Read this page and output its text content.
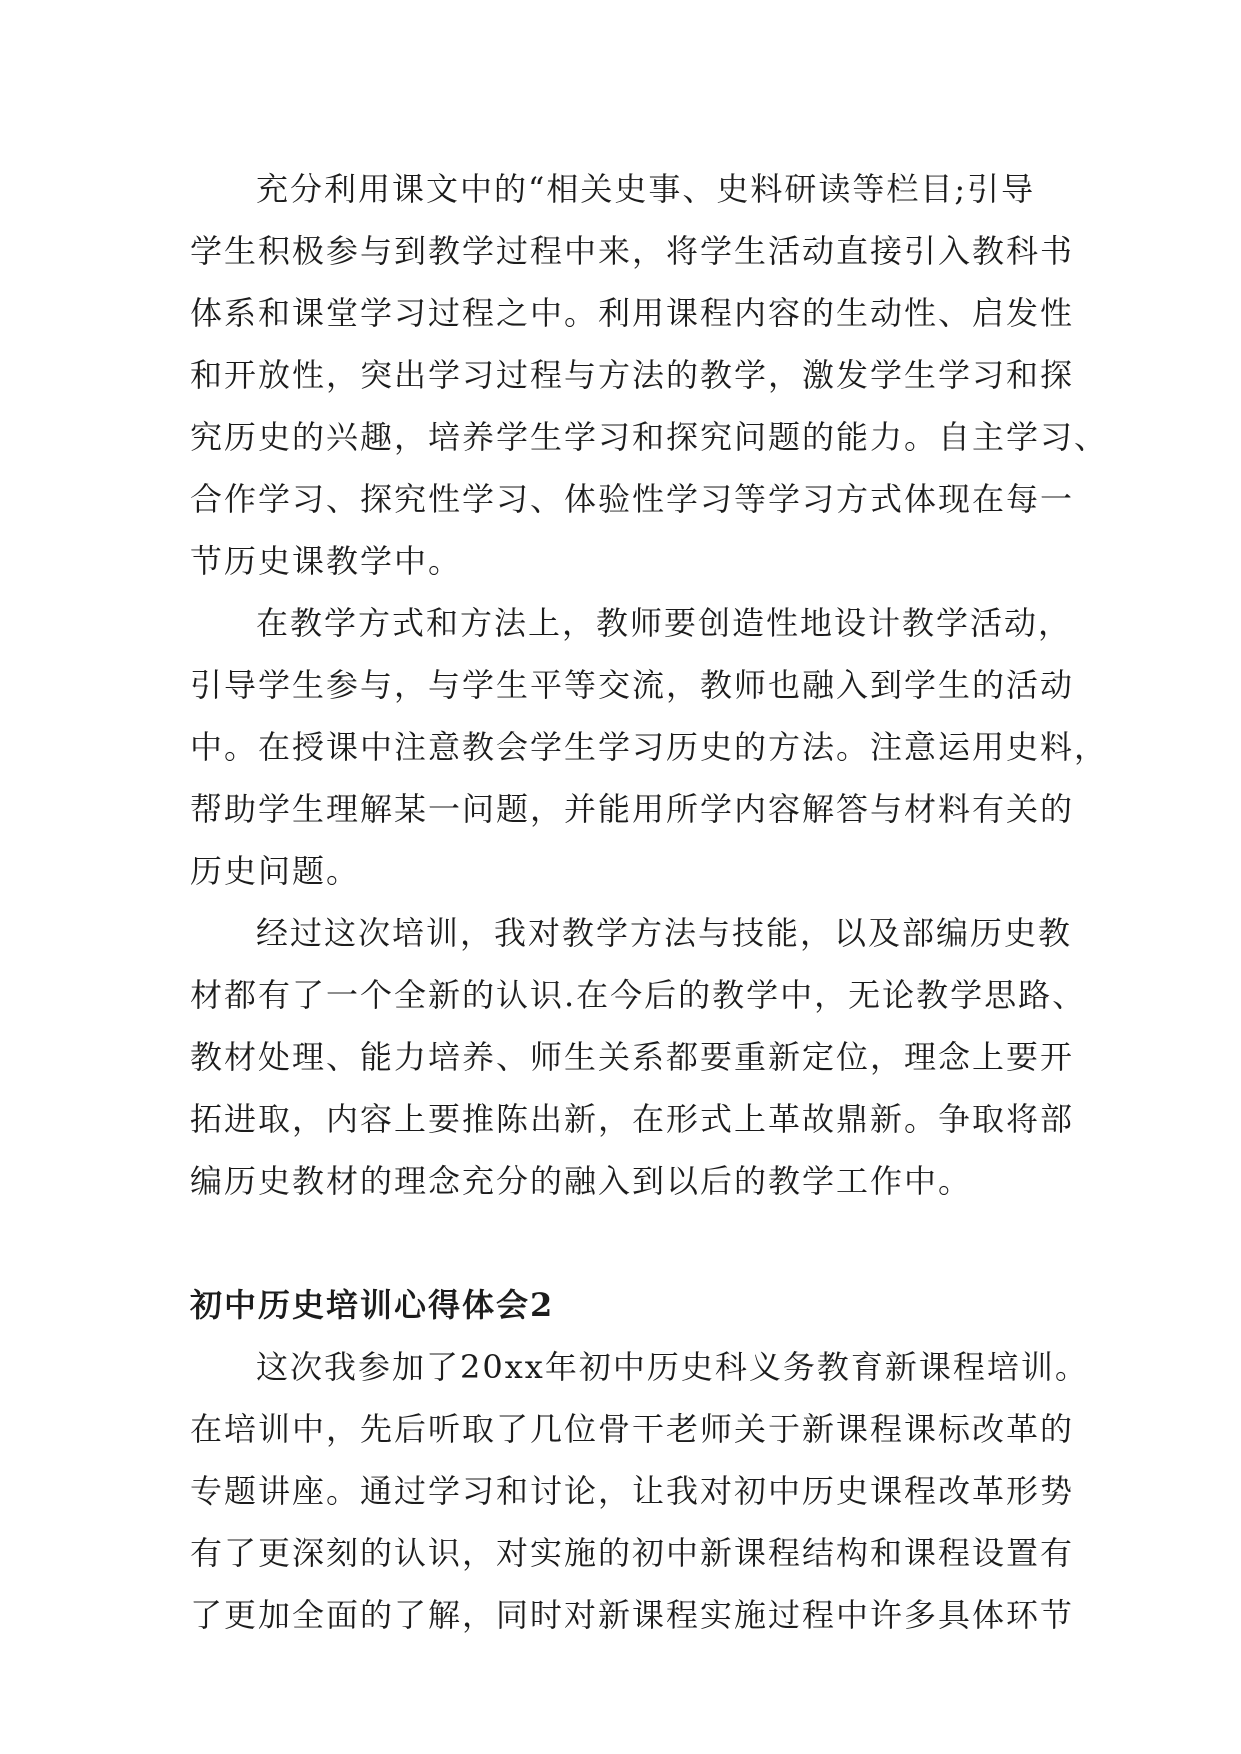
充分利用课文中的“相关史事、史料研读等栏目;引导
学生积极参与到教学过程中来，将学生活动直接引入教科书
体系和课堂学习过程之中。利用课程内容的生动性、启发性
和开放性，突出学习过程与方法的教学，激发学生学习和探
究历史的兴趣，培养学生学习和探究问题的能力。自主学习、
合作学习、探究性学习、体验性学习等学习方式体现在每一
节历史课教学中。

在教学方式和方法上，教师要创造性地设计教学活动，
引导学生参与，与学生平等交流，教师也融入到学生的活动
中。在授课中注意教会学生学习历史的方法。注意运用史料，
帮助学生理解某一问题，并能用所学内容解答与材料有关的
历史问题。

经过这次培训，我对教学方法与技能，以及部编历史教
材都有了一个全新的认识.在今后的教学中，无论教学思路、
教材处理、能力培养、师生关系都要重新定位，理念上要开
拓进取，内容上要推陈出新，在形式上革故鼎新。争取将部
编历史教材的理念充分的融入到以后的教学工作中。

初中历史培训心得体会2

这次我参加了20xx年初中历史科义务教育新课程培训。
在培训中，先后听取了几位骨干老师关于新课程课标改革的
专题讲座。通过学习和讨论，让我对初中历史课程改革形势
有了更深刻的认识，对实施的初中新课程结构和课程设置有
了更加全面的了解，同时对新课程实施过程中许多具体环节
